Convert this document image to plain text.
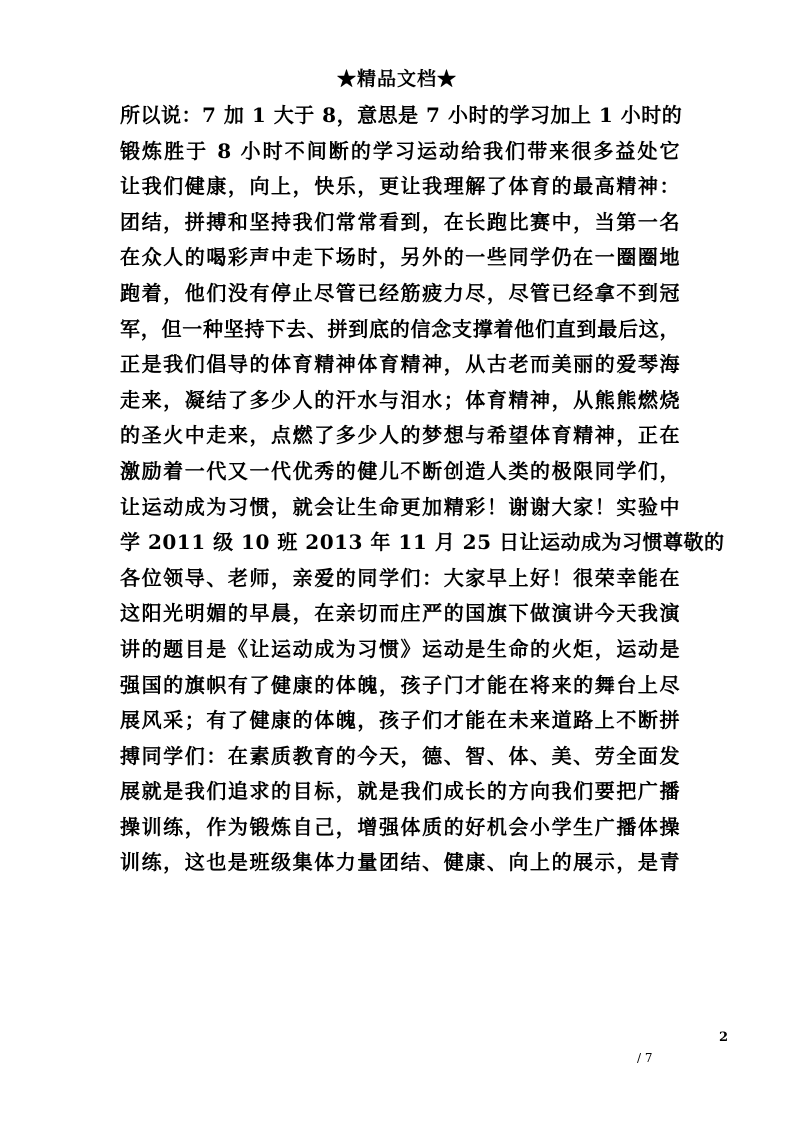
★精品文档★
所以说：7 加 1 大于 8，意思是 7 小时的学习加上 1 小时的
锻炼胜于 8 小时不间断的学习运动给我们带来很多益处它
让我们健康，向上，快乐，更让我理解了体育的最高精神：
团结，拼搏和坚持我们常常看到，在长跑比赛中，当第一名
在众人的喝彩声中走下场时，另外的一些同学仍在一圈圈地
跑着，他们没有停止尽管已经筋疲力尽，尽管已经拿不到冠
军，但一种坚持下去、拼到底的信念支撑着他们直到最后这，
正是我们倡导的体育精神体育精神，从古老而美丽的爱琴海
走来，凝结了多少人的汗水与泪水；体育精神，从熊熊燃烧
的圣火中走来，点燃了多少人的梦想与希望体育精神，正在
激励着一代又一代优秀的健儿不断创造人类的极限同学们，
让运动成为习惯，就会让生命更加精彩！谢谢大家！实验中
学 2011 级 10 班 2013 年 11 月 25 日让运动成为习惯尊敬的
各位领导、老师，亲爱的同学们：大家早上好！很荣幸能在
这阳光明媚的早晨，在亲切而庄严的国旗下做演讲今天我演
讲的题目是《让运动成为习惯》运动是生命的火炬，运动是
强国的旗帜有了健康的体魄，孩子门才能在将来的舞台上尽
展风采；有了健康的体魄，孩子们才能在未来道路上不断拼
搏同学们：在素质教育的今天，德、智、体、美、劳全面发
展就是我们追求的目标，就是我们成长的方向我们要把广播
操训练，作为锻炼自己，增强体质的好机会小学生广播体操
训练，这也是班级集体力量团结、健康、向上的展示，是青
2
/ 7
